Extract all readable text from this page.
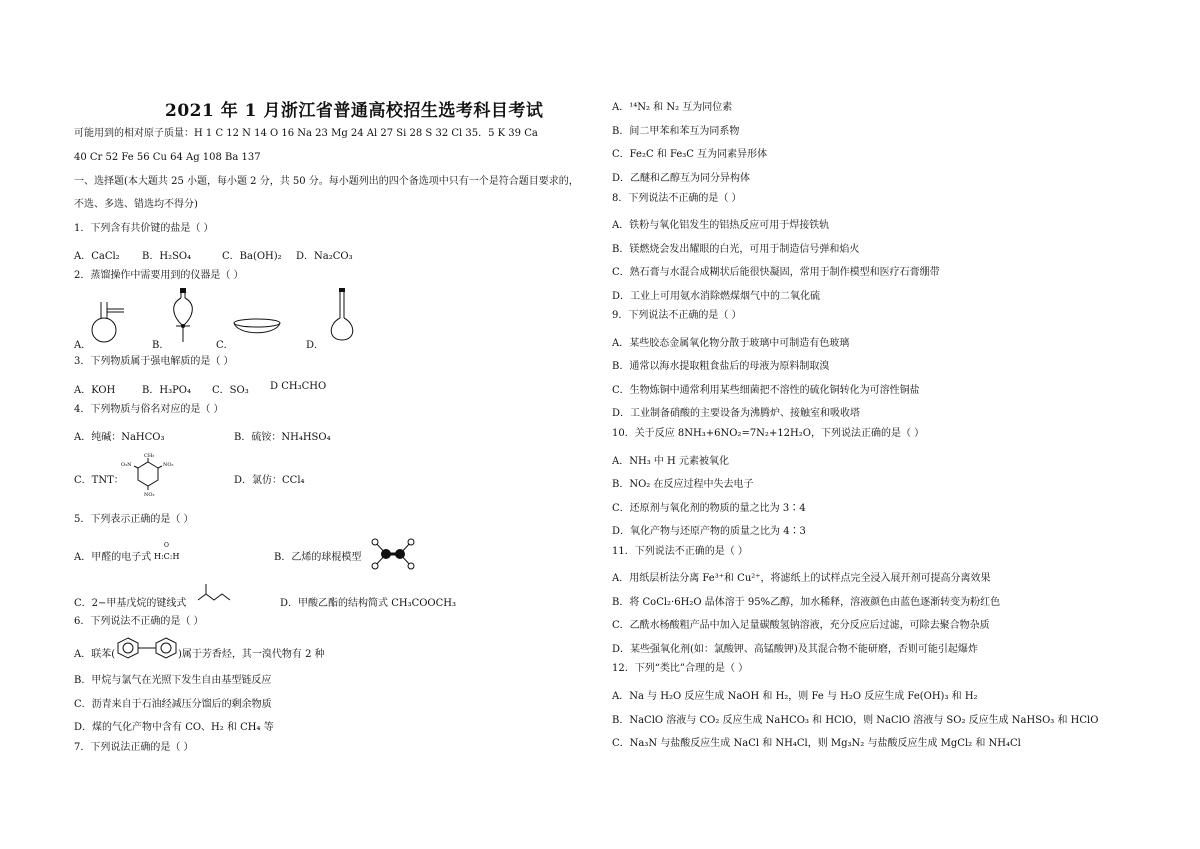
2021 年 1 月浙江省普通高校招生选考科目考试
可能用到的相对原子质量：H 1 C 12 N 14 O 16 Na 23 Mg 24 Al 27 Si 28 S 32 Cl 35．5 K 39 Ca
40 Cr 52 Fe 56 Cu 64 Ag 108 Ba 137
一、选择题(本大题共 25 小题，每小题 2 分，共 50 分。每小题列出的四个备选项中只有一个是符合题目要求的，
不选、多选、错选均不得分)
1．下列含有共价键的盐是（ ）
A．CaCl₂ B．H₂SO₄	C．Ba(OH)₂ D．Na₂CO₃
2．蒸馏操作中需要用到的仪器是（ ）
A．	B．	C．	D．
3．下列物质属于强电解质的是（ ）
A．KOH	B．H₃PO₄ C．SO₃ D CH₃CHO
4．下列物质与俗名对应的是（ ）
A．纯碱：NaHCO₃	B．硫铵：NH₄HSO₄
C．TNT：
CH₃
O₂N	NO₂
NO₂
D．氯仿：CCl₄
5．下列表示正确的是（ ）
A．甲醛的电子式
O
H:C:H	B．乙烯的球棍模型
C．2−甲基戊烷的键线式	D．甲酸乙酯的结构简式 CH₃COOCH₃
6．下列说法不正确的是（ ）
A．联苯(	)属于芳香烃，其一溴代物有 2 种
B．甲烷与氯气在光照下发生自由基型链反应
C．沥青来自于石油经减压分馏后的剩余物质
D．煤的气化产物中含有 CO、H₂ 和 CH₄ 等
7．下列说法正确的是（ ）
A．¹⁴N₂ 和 N₂ 互为同位素
B．间二甲苯和苯互为同系物
C．Fe₂C 和 Fe₃C 互为同素异形体
D．乙醚和乙醇互为同分异构体
8．下列说法不正确的是（ ）
A．铁粉与氧化铝发生的铝热反应可用于焊接铁轨
B．镁燃烧会发出耀眼的白光，可用于制造信号弹和焰火
C．熟石膏与水混合成糊状后能很快凝固，常用于制作模型和医疗石膏绷带
D．工业上可用氨水消除燃煤烟气中的二氧化硫
9．下列说法不正确的是（ ）
A．某些胶态金属氧化物分散于玻璃中可制造有色玻璃
B．通常以海水提取粗食盐后的母液为原料制取溴
C．生物炼铜中通常利用某些细菌把不溶性的硫化铜转化为可溶性铜盐
D．工业制备硝酸的主要设备为沸腾炉、接触室和吸收塔
10．关于反应 8NH₃+6NO₂=7N₂+12H₂O，下列说法正确的是（ ）
A．NH₃ 中 H 元素被氧化
B．NO₂ 在反应过程中失去电子
C．还原剂与氧化剂的物质的量之比为 3∶4
D．氧化产物与还原产物的质量之比为 4∶3
11．下列说法不正确的是（ ）
A．用纸层析法分离 Fe³⁺和 Cu²⁺，将滤纸上的试样点完全浸入展开剂可提高分离效果
B．将 CoCl₂·6H₂O 晶体溶于 95%乙醇，加水稀释，溶液颜色由蓝色逐渐转变为粉红色
C．乙酰水杨酸粗产品中加入足量碳酸氢钠溶液，充分反应后过滤，可除去聚合物杂质
D．某些强氧化剂(如：氯酸钾、高锰酸钾)及其混合物不能研磨，否则可能引起爆炸
12．下列“类比”合理的是（ ）
A．Na 与 H₂O 反应生成 NaOH 和 H₂，则 Fe 与 H₂O 反应生成 Fe(OH)₃ 和 H₂
B．NaClO 溶液与 CO₂ 反应生成 NaHCO₃ 和 HClO，则 NaClO 溶液与 SO₂ 反应生成 NaHSO₃ 和 HClO
C．Na₃N 与盐酸反应生成 NaCl 和 NH₄Cl，则 Mg₃N₂ 与盐酸反应生成 MgCl₂ 和 NH₄Cl
